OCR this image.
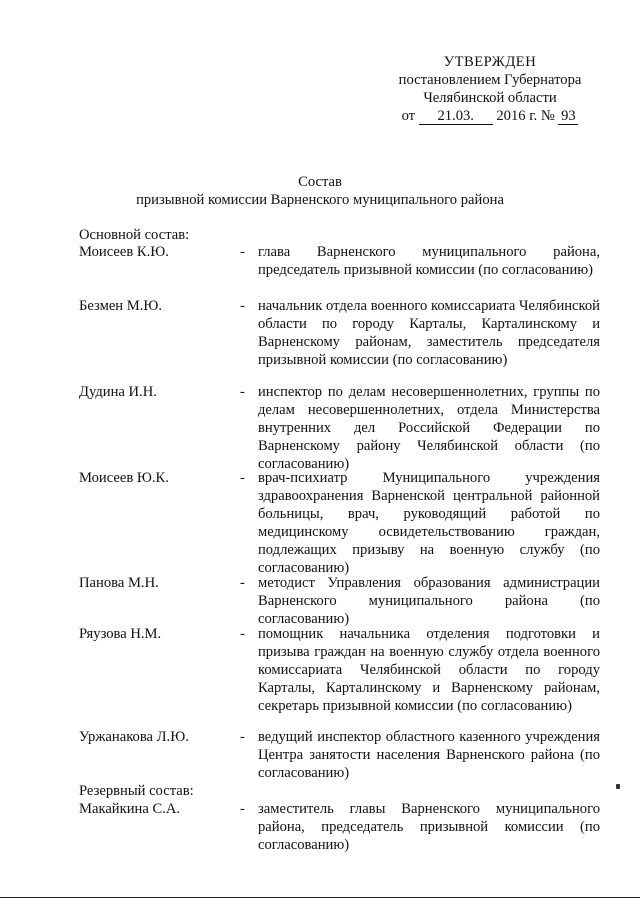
УТВЕРЖДЕН
постановлением Губернатора
Челябинской области
от 21.03. 2016 г. № 93
Состав
призывной комиссии Варненского муниципального района
Основной состав:
Моисеев К.Ю.	- глава Варненского муниципального района, председатель призывной комиссии (по согласованию)
Безмен М.Ю.	- начальник отдела военного комиссариата Челябинской области по городу Карталы, Карталинскому и Варненскому районам, заместитель председателя призывной комиссии (по согласованию)
Дудина И.Н.	- инспектор по делам несовершеннолетних, группы по делам несовершеннолетних, отдела Министерства внутренних дел Российской Федерации по Варненскому району Челябинской области (по согласованию)
Моисеев Ю.К.	- врач-психиатр Муниципального учреждения здравоохранения Варненской центральной районной больницы, врач, руководящий работой по медицинскому освидетельствованию граждан, подлежащих призыву на военную службу (по согласованию)
Панова М.Н.	- методист Управления образования администрации Варненского муниципального района (по согласованию)
Ряузова Н.М.	- помощник начальника отделения подготовки и призыва граждан на военную службу отдела военного комиссариата Челябинской области по городу Карталы, Карталинскому и Варненскому районам, секретарь призывной комиссии (по согласованию)
Уржанакова Л.Ю.	- ведущий инспектор областного казенного учреждения Центра занятости населения Варненского района (по согласованию)
Резервный состав:
Макайкина С.А.	- заместитель главы Варненского муниципального района, председатель призывной комиссии (по согласованию)
